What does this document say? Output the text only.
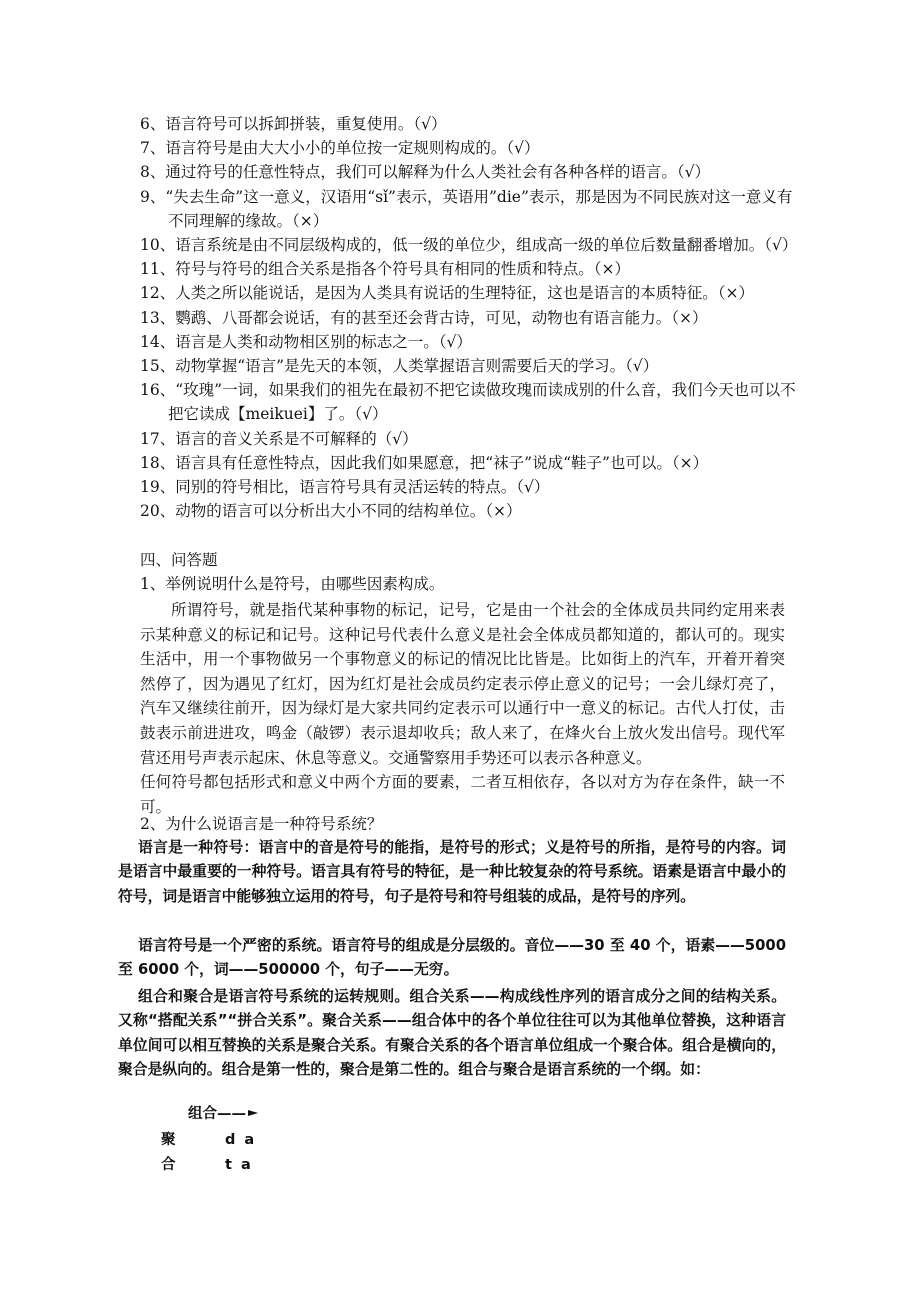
6、语言符号可以拆卸拼装，重复使用。（√）
7、语言符号是由大大小小的单位按一定规则构成的。（√）
8、通过符号的任意性特点，我们可以解释为什么人类社会有各种各样的语言。（√）
9、“失去生命”这一意义，汉语用“sǐ”表示，英语用”die”表示，那是因为不同民族对这一意义有不同理解的缘故。（×）
10、语言系统是由不同层级构成的，低一级的单位少，组成高一级的单位后数量翻番增加。（√）
11、符号与符号的组合关系是指各个符号具有相同的性质和特点。（×）
12、人类之所以能说话，是因为人类具有说话的生理特征，这也是语言的本质特征。（×）
13、鹦鹉、八哥都会说话，有的甚至还会背古诗，可见，动物也有语言能力。（×）
14、语言是人类和动物相区别的标志之一。（√）
15、动物掌握“语言”是先天的本领，人类掌握语言则需要后天的学习。（√）
16、“玫瑰”一词，如果我们的祖先在最初不把它读做玫瑰而读成别的什么音，我们今天也可以不把它读成【meikuei】了。（√）
17、语言的音义关系是不可解释的（√）
18、语言具有任意性特点，因此我们如果愿意，把“袜子”说成“鞋子”也可以。（×）
19、同别的符号相比，语言符号具有灵活运转的特点。（√）
20、动物的语言可以分析出大小不同的结构单位。（×）
四、问答题
1、举例说明什么是符号，由哪些因素构成。

所谓符号，就是指代某种事物的标记，记号，它是由一个社会的全体成员共同约定用来表示某种意义的标记和记号。这种记号代表什么意义是社会全体成员都知道的，都认可的。现实生活中，用一个事物做另一个事物意义的标记的情况比比皆是。比如街上的汽车，开着开着突然停了，因为遇见了红灯，因为红灯是社会成员约定表示停止意义的记号；一会儿绿灯亮了，汽车又继续往前开，因为绿灯是大家共同约定表示可以通行中一意义的标记。古代人打仗，击鼓表示前进进攻，鸣金（敲锣）表示退却收兵；敌人来了，在烽火台上放火发出信号。现代军营还用号声表示起床、休息等意义。交通警察用手势还可以表示各种意义。

任何符号都包括形式和意义中两个方面的要素，二者互相依存，各以对方为存在条件，缺一不可。

2、为什么说语言是一种符号系统？

语言是一种符号：语言中的音是符号的能指，是符号的形式；义是符号的所指，是符号的内容。词是语言中最重要的一种符号。语言具有符号的特征，是一种比较复杂的符号系统。语素是语言中最小的符号，词是语言中能够独立运用的符号，句子是符号和符号组装的成品，是符号的序列。

语言符号是一个严密的系统。语言符号的组成是分层级的。音位——30 至 40 个，语素——5000 至 6000 个，词——500000 个，句子——无穷。

组合和聚合是语言符号系统的运转规则。组合关系——构成线性序列的语言成分之间的结构关系。又称“搭配关系”“拼合关系”。聚合关系——组合体中的各个单位往往可以为其他单位替换，这种语言单位间可以相互替换的关系是聚合关系。有聚合关系的各个语言单位组成一个聚合体。组合是横向的，聚合是纵向的。组合是第一性的，聚合是第二性的。组合与聚合是语言系统的一个纲。如：

组合——
聚
合
d a
t a
